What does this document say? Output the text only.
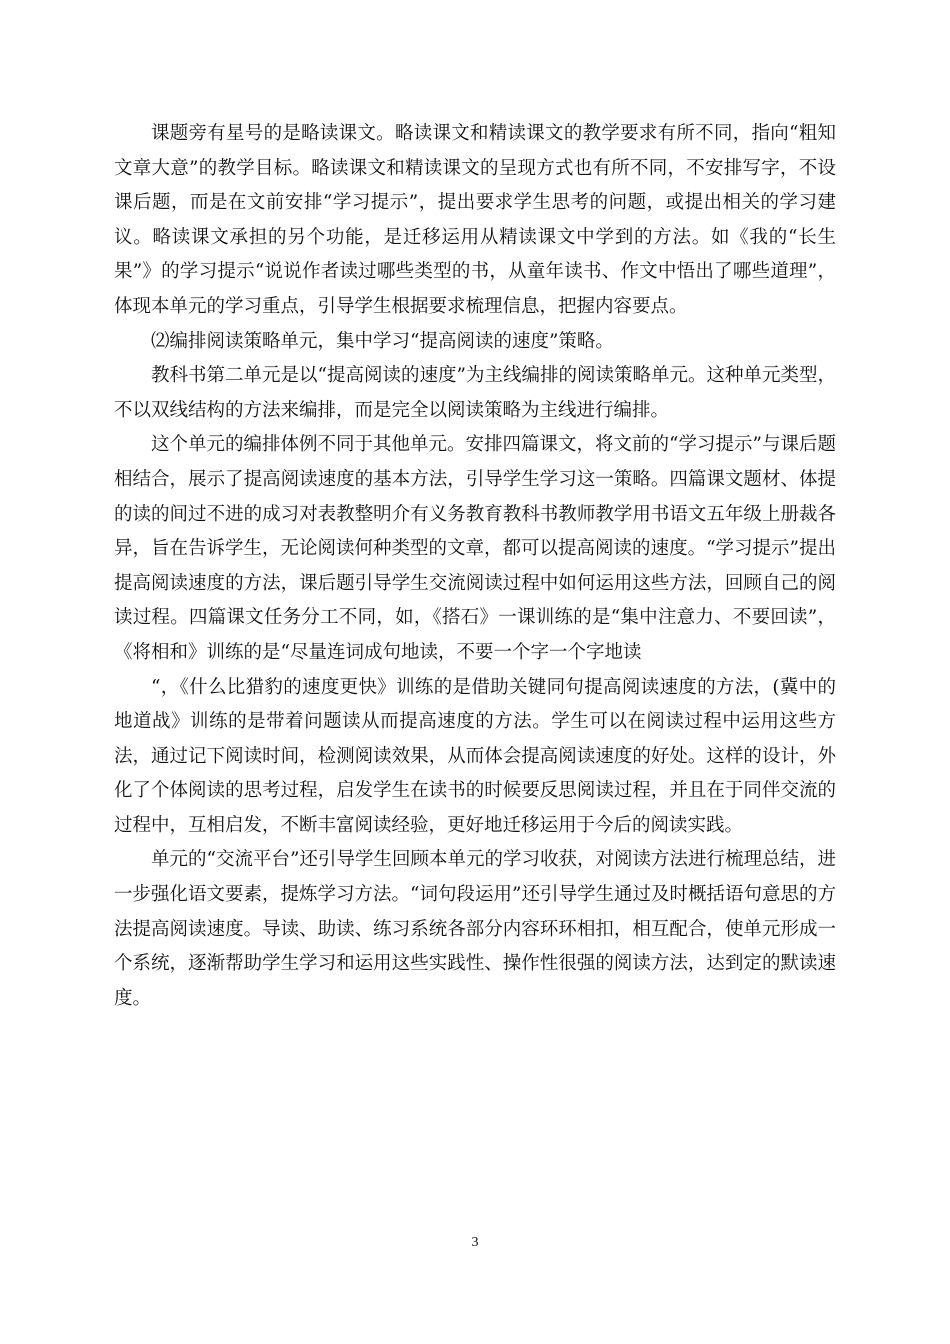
课题旁有星号的是略读课文。略读课文和精读课文的教学要求有所不同，指向“粗知文章大意”的教学目标。略读课文和精读课文的呈现方式也有所不同，不安排写字，不设课后题，而是在文前安排“学习提示”，提出要求学生思考的问题，或提出相关的学习建议。略读课文承担的另个功能，是迁移运用从精读课文中学到的方法。如《我的“长生果”》的学习提示“说说作者读过哪些类型的书，从童年读书、作文中悟出了哪些道理”，体现本单元的学习重点，引导学生根据要求梳理信息，把握内容要点。

⑵编排阅读策略单元，集中学习“提高阅读的速度”策略。

教科书第二单元是以“提高阅读的速度”为主线编排的阅读策略单元。这种单元类型，不以双线结构的方法来编排，而是完全以阅读策略为主线进行编排。

这个单元的编排体例不同于其他单元。安排四篇课文，将文前的“学习提示”与课后题相结合，展示了提高阅读速度的基本方法，引导学生学习这一策略。四篇课文题材、体提的读的间过不进的成习对表教整明介有义务教育教科书教师教学用书语文五年级上册裁各异，旨在告诉学生，无论阅读何种类型的文章，都可以提高阅读的速度。“学习提示”提出提高阅读速度的方法，课后题引导学生交流阅读过程中如何运用这些方法，回顾自己的阅读过程。四篇课文任务分工不同，如，《搭石》一课训练的是“集中注意力、不要回读”，《将相和》训练的是“尽量连词成句地读，不要一个字一个字地读

“，《什么比猎豹的速度更快》训练的是借助关键同句提高阅读速度的方法，(冀中的地道战》训练的是带着问题读从而提高速度的方法。学生可以在阅读过程中运用这些方法，通过记下阅读时间，检测阅读效果，从而体会提高阅读速度的好处。这样的设计，外化了个体阅读的思考过程，启发学生在读书的时候要反思阅读过程，并且在于同伴交流的过程中，互相启发，不断丰富阅读经验，更好地迁移运用于今后的阅读实践。

单元的“交流平台”还引导学生回顾本单元的学习收获，对阅读方法进行梳理总结，进一步强化语文要素，提炼学习方法。“词句段运用”还引导学生通过及时概括语句意思的方法提高阅读速度。导读、助读、练习系统各部分内容环环相扣，相互配合，使单元形成一个系统，逐渐帮助学生学习和运用这些实践性、操作性很强的阅读方法，达到定的默读速度。

3
